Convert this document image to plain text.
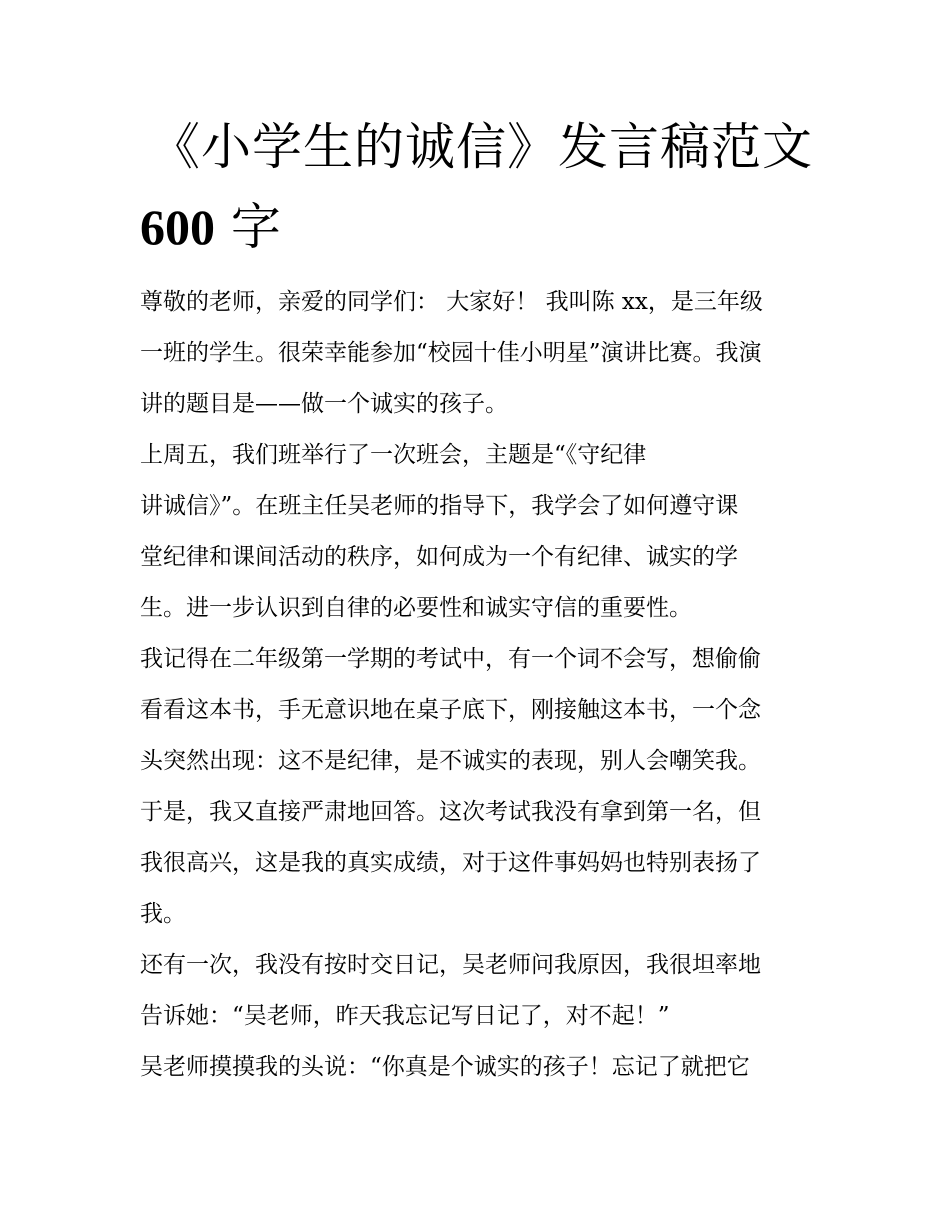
《小学生的诚信》发言稿范文
600 字
尊敬的老师，亲爱的同学们： 大家好！ 我叫陈 xx，是三年级
一班的学生。很荣幸能参加“校园十佳小明星”演讲比赛。我演
讲的题目是——做一个诚实的孩子。
上周五，我们班举行了一次班会，主题是“《守纪律
讲诚信》”。在班主任吴老师的指导下，我学会了如何遵守课
堂纪律和课间活动的秩序，如何成为一个有纪律、诚实的学
生。进一步认识到自律的必要性和诚实守信的重要性。
我记得在二年级第一学期的考试中，有一个词不会写，想偷偷
看看这本书，手无意识地在桌子底下，刚接触这本书，一个念
头突然出现：这不是纪律，是不诚实的表现，别人会嘲笑我。
于是，我又直接严肃地回答。这次考试我没有拿到第一名，但
我很高兴，这是我的真实成绩，对于这件事妈妈也特别表扬了
我。
还有一次，我没有按时交日记，吴老师问我原因，我很坦率地
告诉她：“吴老师，昨天我忘记写日记了，对不起！”
吴老师摸摸我的头说：“你真是个诚实的孩子！忘记了就把它
